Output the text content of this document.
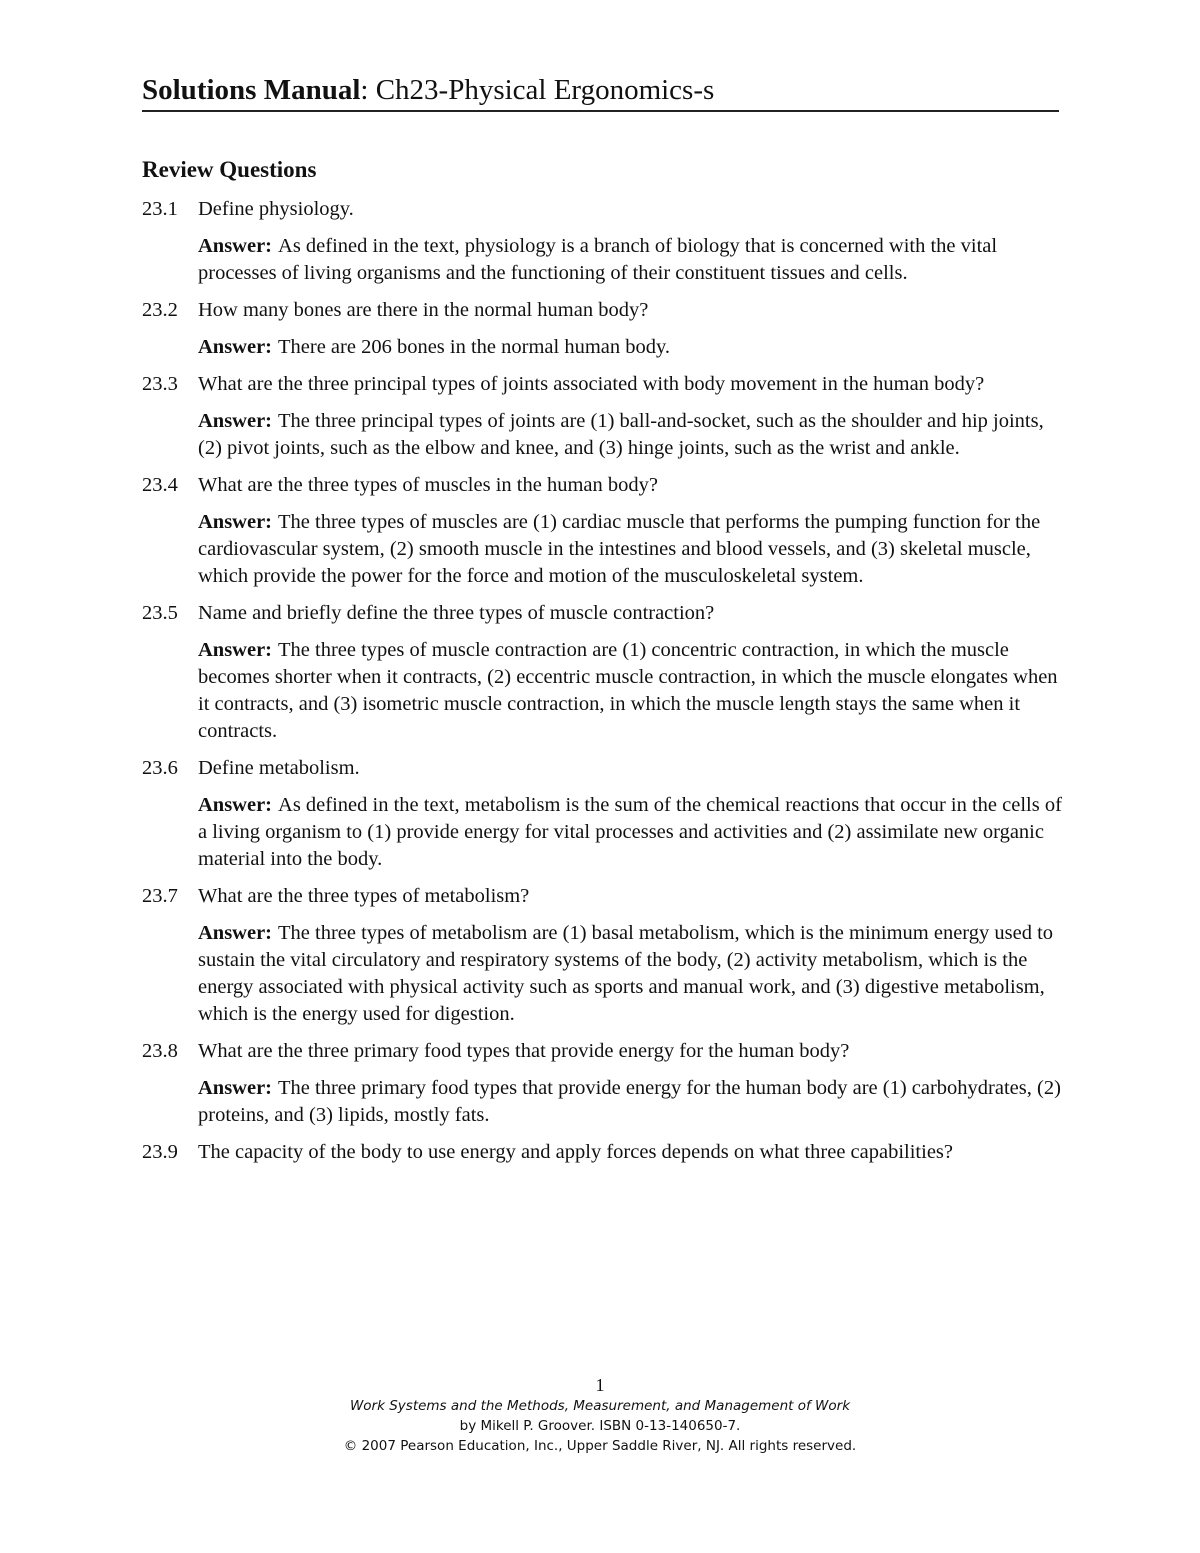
Solutions Manual: Ch23-Physical Ergonomics-s
Review Questions
23.1 Define physiology.
Answer: As defined in the text, physiology is a branch of biology that is concerned with the vital processes of living organisms and the functioning of their constituent tissues and cells.
23.2 How many bones are there in the normal human body?
Answer: There are 206 bones in the normal human body.
23.3 What are the three principal types of joints associated with body movement in the human body?
Answer: The three principal types of joints are (1) ball-and-socket, such as the shoulder and hip joints, (2) pivot joints, such as the elbow and knee, and (3) hinge joints, such as the wrist and ankle.
23.4 What are the three types of muscles in the human body?
Answer: The three types of muscles are (1) cardiac muscle that performs the pumping function for the cardiovascular system, (2) smooth muscle in the intestines and blood vessels, and (3) skeletal muscle, which provide the power for the force and motion of the musculoskeletal system.
23.5 Name and briefly define the three types of muscle contraction?
Answer: The three types of muscle contraction are (1) concentric contraction, in which the muscle becomes shorter when it contracts, (2) eccentric muscle contraction, in which the muscle elongates when it contracts, and (3) isometric muscle contraction, in which the muscle length stays the same when it contracts.
23.6 Define metabolism.
Answer: As defined in the text, metabolism is the sum of the chemical reactions that occur in the cells of a living organism to (1) provide energy for vital processes and activities and (2) assimilate new organic material into the body.
23.7 What are the three types of metabolism?
Answer: The three types of metabolism are (1) basal metabolism, which is the minimum energy used to sustain the vital circulatory and respiratory systems of the body, (2) activity metabolism, which is the energy associated with physical activity such as sports and manual work, and (3) digestive metabolism, which is the energy used for digestion.
23.8 What are the three primary food types that provide energy for the human body?
Answer: The three primary food types that provide energy for the human body are (1) carbohydrates, (2) proteins, and (3) lipids, mostly fats.
23.9 The capacity of the body to use energy and apply forces depends on what three capabilities?
1
Work Systems and the Methods, Measurement, and Management of Work
by Mikell P. Groover. ISBN 0-13-140650-7.
© 2007 Pearson Education, Inc., Upper Saddle River, NJ. All rights reserved.
